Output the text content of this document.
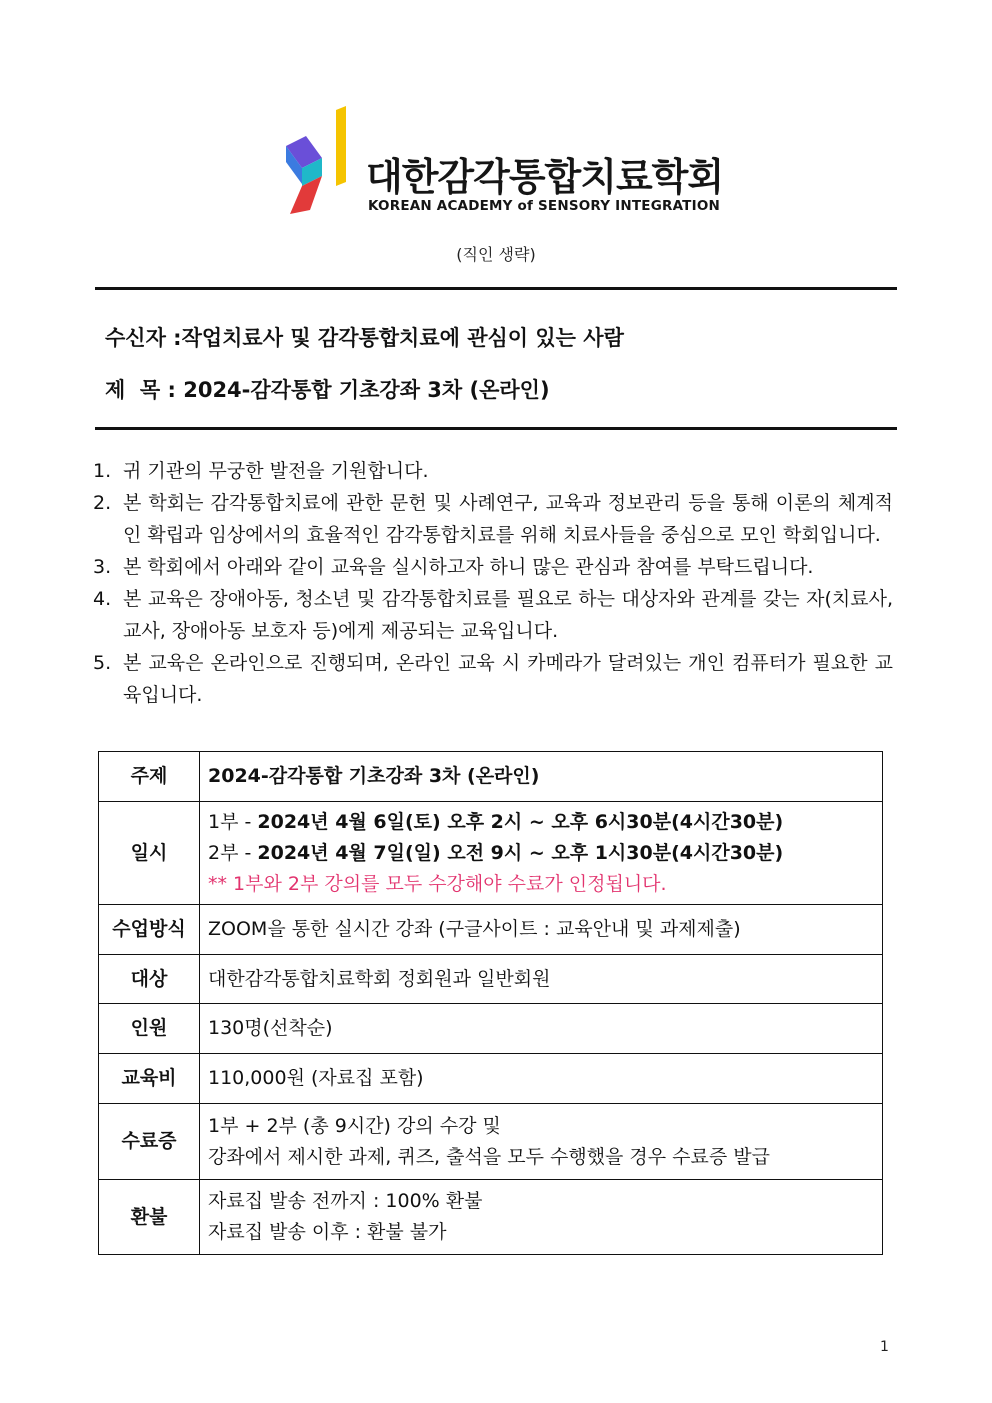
대한감각통합치료학회
KOREAN ACADEMY of SENSORY INTEGRATION
(직인 생략)
수신자 :작업치료사 및 감각통합치료에 관심이 있는 사람
제  목 : 2024-감각통합 기초강좌 3차 (온라인)
1. 귀 기관의 무궁한 발전을 기원합니다.
2. 본 학회는 감각통합치료에 관한 문헌 및 사례연구, 교육과 정보관리 등을 통해 이론의 체계적인 확립과 임상에서의 효율적인 감각통합치료를 위해 치료사들을 중심으로 모인 학회입니다.
3. 본 학회에서 아래와 같이 교육을 실시하고자 하니 많은 관심과 참여를 부탁드립니다.
4. 본 교육은 장애아동, 청소년 및 감각통합치료를 필요로 하는 대상자와 관계를 갖는 자(치료사, 교사, 장애아동 보호자 등)에게 제공되는 교육입니다.
5. 본 교육은 온라인으로 진행되며, 온라인 교육 시 카메라가 달려있는 개인 컴퓨터가 필요한 교육입니다.
주제	2024-감각통합 기초강좌 3차 (온라인)
일시	1부 - 2024년 4월 6일(토) 오후 2시 ~ 오후 6시30분(4시간30분)
2부 - 2024년 4월 7일(일) 오전 9시 ~ 오후 1시30분(4시간30분)
** 1부와 2부 강의를 모두 수강해야 수료가 인정됩니다.

수업방식	ZOOM을 통한 실시간 강좌 (구글사이트 : 교육안내 및 과제제출)
대상	대한감각통합치료학회 정회원과 일반회원
인원	130명(선착순)
교육비	110,000원 (자료집 포함)
수료증	1부 + 2부 (총 9시간) 강의 수강 및
강좌에서 제시한 과제, 퀴즈, 출석을 모두 수행했을 경우 수료증 발급

환불	자료집 발송 전까지 : 100% 환불
자료집 발송 이후 : 환불 불가
1
